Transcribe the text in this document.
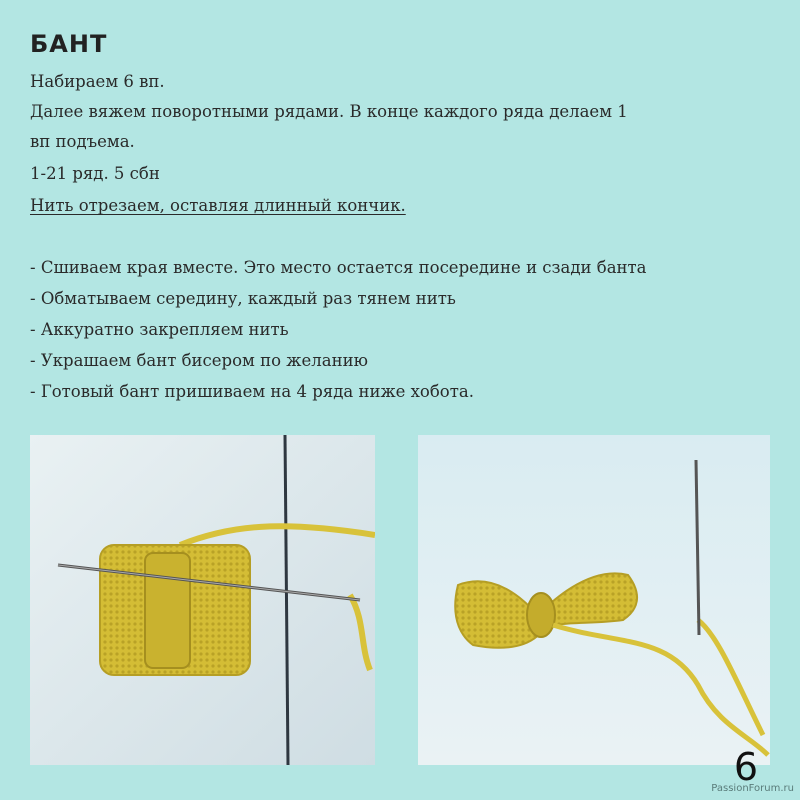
БАНТ
Набираем 6 вп.
Далее вяжем поворотными рядами. В конце каждого ряда делаем 1
вп подъема.
1-21 ряд. 5 сбн
Нить отрезаем, оставляя длинный кончик.
- Сшиваем края вместе. Это место остается посередине и сзади банта
- Обматываем середину, каждый раз тянем нить
- Аккуратно закрепляем нить
- Украшаем бант бисером по желанию
- Готовый бант пришиваем на 4 ряда ниже хобота.
6
PassionForum.ru
